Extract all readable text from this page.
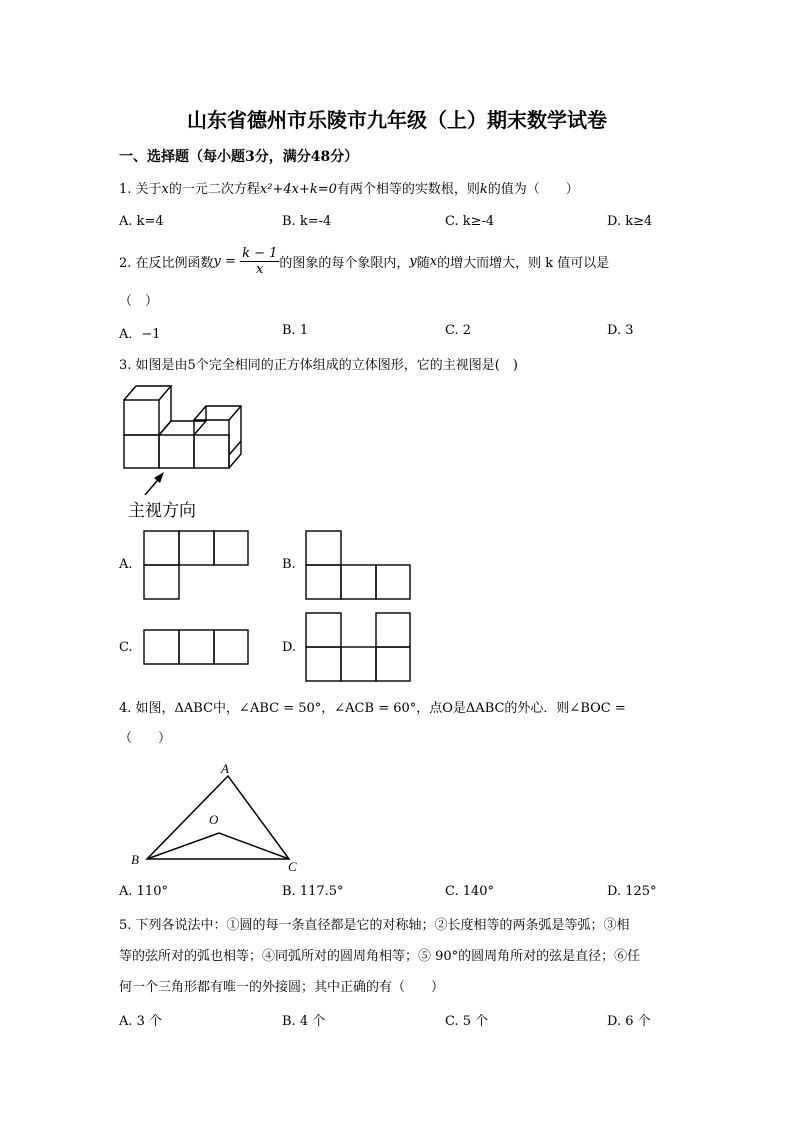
山东省德州市乐陵市九年级（上）期末数学试卷
一、选择题（每小题3分，满分48分）
1. 关于x的一元二次方程x²+4x+k=0有两个相等的实数根，则k的值为（　　）
A. k=4	B. k=-4	C. k≥-4	D. k≥4
2. 在反比例函数$y = \frac{k - 1}{x}$ 的图象的每个象限内，y随x的增大而增大，则 k 值可以是
（　）
A．−1	B. 1	C. 2	D. 3
3. 如图是由5个完全相同的正方体组成的立体图形，它的主视图是(　)
主视方向
A.	B.
C.	D.
4. 如图，ΔABC中，∠ABC = 50°，∠ACB = 60°，点O是ΔABC的外心．则∠BOC =
（　　）
A
B	C
O
A. 110°	B. 117.5°	C. 140°	D. 125°
5. 下列各说法中：①圆的每一条直径都是它的对称轴；②长度相等的两条弧是等弧；③相
等的弦所对的弧也相等；④同弧所对的圆周角相等；⑤ 90°的圆周角所对的弦是直径；⑥任
何一个三角形都有唯一的外接圆；其中正确的有（　　）
A. 3 个	B. 4 个	C. 5 个	D. 6 个
